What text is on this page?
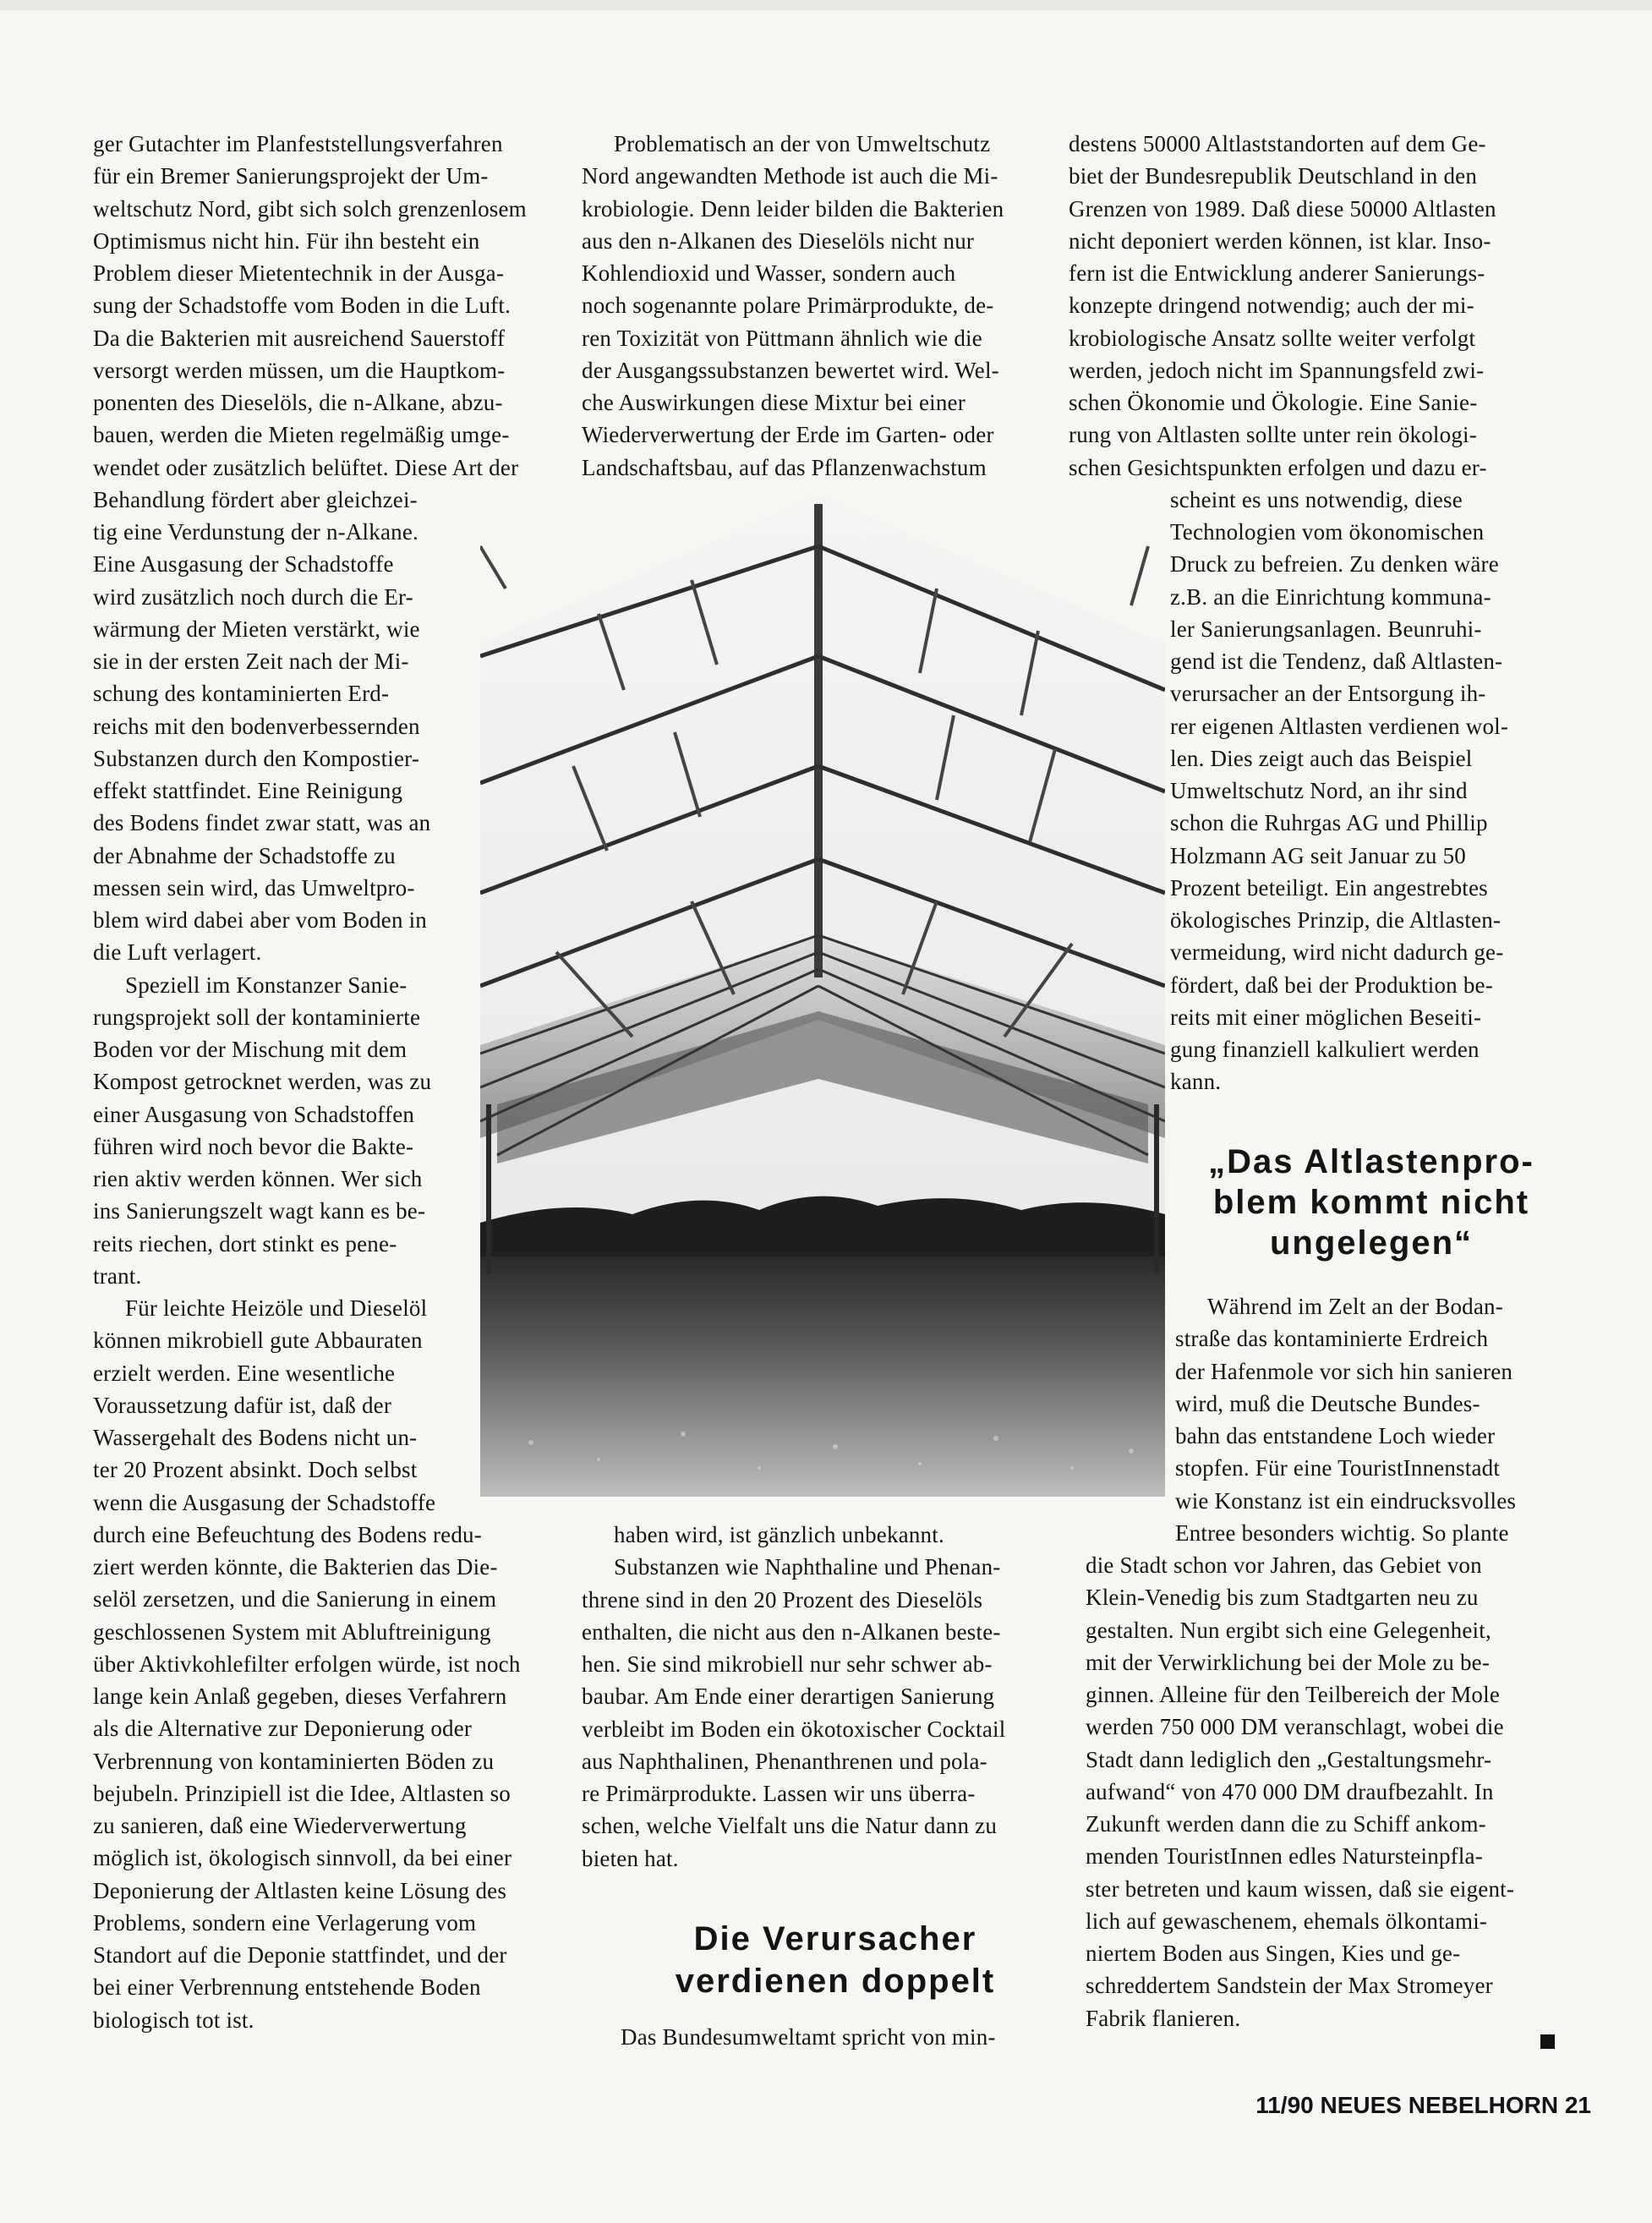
Die Verursacher
verdienen doppelt
„Das Altlastenpro-
blem kommt nicht
ungelegen“
11/90 NEUES NEBELHORN 21
ger Gutachter im Planfeststellungsverfahren
für ein Bremer Sanierungsprojekt der Um-
weltschutz Nord, gibt sich solch grenzenlosem
Optimismus nicht hin. Für ihn besteht ein
Problem dieser Mietentechnik in der Ausga-
sung der Schadstoffe vom Boden in die Luft.
Da die Bakterien mit ausreichend Sauerstoff
versorgt werden müssen, um die Hauptkom-
ponenten des Dieselöls, die n-Alkane, abzu-
bauen, werden die Mieten regelmäßig umge-
wendet oder zusätzlich belüftet. Diese Art der
Behandlung fördert aber gleichzei-
tig eine Verdunstung der n-Alkane.
Eine Ausgasung der Schadstoffe
wird zusätzlich noch durch die Er-
wärmung der Mieten verstärkt, wie
sie in der ersten Zeit nach der Mi-
schung des kontaminierten Erd-
reichs mit den bodenverbessernden
Substanzen durch den Kompostier-
effekt stattfindet. Eine Reinigung
des Bodens findet zwar statt, was an
der Abnahme der Schadstoffe zu
messen sein wird, das Umweltpro-
blem wird dabei aber vom Boden in
die Luft verlagert.
Speziell im Konstanzer Sanie-
rungsprojekt soll der kontaminierte
Boden vor der Mischung mit dem
Kompost getrocknet werden, was zu
einer Ausgasung von Schadstoffen
führen wird noch bevor die Bakte-
rien aktiv werden können. Wer sich
ins Sanierungszelt wagt kann es be-
reits riechen, dort stinkt es pene-
trant.
Für leichte Heizöle und Dieselöl
können mikrobiell gute Abbauraten
erzielt werden. Eine wesentliche
Voraussetzung dafür ist, daß der
Wassergehalt des Bodens nicht un-
ter 20 Prozent absinkt. Doch selbst
wenn die Ausgasung der Schadstoffe
durch eine Befeuchtung des Bodens redu-
ziert werden könnte, die Bakterien das Die-
selöl zersetzen, und die Sanierung in einem
geschlossenen System mit Abluftreinigung
über Aktivkohlefilter erfolgen würde, ist noch
lange kein Anlaß gegeben, dieses Verfahrern
als die Alternative zur Deponierung oder
Verbrennung von kontaminierten Böden zu
bejubeln. Prinzipiell ist die Idee, Altlasten so
zu sanieren, daß eine Wiederverwertung
möglich ist, ökologisch sinnvoll, da bei einer
Deponierung der Altlasten keine Lösung des
Problems, sondern eine Verlagerung vom
Standort auf die Deponie stattfindet, und der
bei einer Verbrennung entstehende Boden
biologisch tot ist.
Problematisch an der von Umweltschutz
Nord angewandten Methode ist auch die Mi-
krobiologie. Denn leider bilden die Bakterien
aus den n-Alkanen des Dieselöls nicht nur
Kohlendioxid und Wasser, sondern auch
noch sogenannte polare Primärprodukte, de-
ren Toxizität von Püttmann ähnlich wie die
der Ausgangssubstanzen bewertet wird. Wel-
che Auswirkungen diese Mixtur bei einer
Wiederverwertung der Erde im Garten- oder
Landschaftsbau, auf das Pflanzenwachstum
haben wird, ist gänzlich unbekannt.
Substanzen wie Naphthaline und Phenan-
threne sind in den 20 Prozent des Dieselöls
enthalten, die nicht aus den n-Alkanen beste-
hen. Sie sind mikrobiell nur sehr schwer ab-
baubar. Am Ende einer derartigen Sanierung
verbleibt im Boden ein ökotoxischer Cocktail
aus Naphthalinen, Phenanthrenen und pola-
re Primärprodukte. Lassen wir uns überra-
schen, welche Vielfalt uns die Natur dann zu
bieten hat.
Das Bundesumweltamt spricht von min-
destens 50000 Altlaststandorten auf dem Ge-
biet der Bundesrepublik Deutschland in den
Grenzen von 1989. Daß diese 50000 Altlasten
nicht deponiert werden können, ist klar. Inso-
fern ist die Entwicklung anderer Sanierungs-
konzepte dringend notwendig; auch der mi-
krobiologische Ansatz sollte weiter verfolgt
werden, jedoch nicht im Spannungsfeld zwi-
schen Ökonomie und Ökologie. Eine Sanie-
rung von Altlasten sollte unter rein ökologi-
schen Gesichtspunkten erfolgen und dazu er-
scheint es uns notwendig, diese
Technologien vom ökonomischen
Druck zu befreien. Zu denken wäre
z.B. an die Einrichtung kommuna-
ler Sanierungsanlagen. Beunruhi-
gend ist die Tendenz, daß Altlasten-
verursacher an der Entsorgung ih-
rer eigenen Altlasten verdienen wol-
len. Dies zeigt auch das Beispiel
Umweltschutz Nord, an ihr sind
schon die Ruhrgas AG und Phillip
Holzmann AG seit Januar zu 50
Prozent beteiligt. Ein angestrebtes
ökologisches Prinzip, die Altlasten-
vermeidung, wird nicht dadurch ge-
fördert, daß bei der Produktion be-
reits mit einer möglichen Beseiti-
gung finanziell kalkuliert werden
kann.
Während im Zelt an der Bodan-
straße das kontaminierte Erdreich
der Hafenmole vor sich hin sanieren
wird, muß die Deutsche Bundes-
bahn das entstandene Loch wieder
stopfen. Für eine TouristInnenstadt
wie Konstanz ist ein eindrucksvolles
Entree besonders wichtig. So plante
die Stadt schon vor Jahren, das Gebiet von
Klein-Venedig bis zum Stadtgarten neu zu
gestalten. Nun ergibt sich eine Gelegenheit,
mit der Verwirklichung bei der Mole zu be-
ginnen. Alleine für den Teilbereich der Mole
werden 750 000 DM veranschlagt, wobei die
Stadt dann lediglich den „Gestaltungsmehr-
aufwand“ von 470 000 DM draufbezahlt. In
Zukunft werden dann die zu Schiff ankom-
menden TouristInnen edles Natursteinpfla-
ster betreten und kaum wissen, daß sie eigent-
lich auf gewaschenem, ehemals ölkontami-
niertem Boden aus Singen, Kies und ge-
schreddertem Sandstein der Max Stromeyer
Fabrik flanieren.
